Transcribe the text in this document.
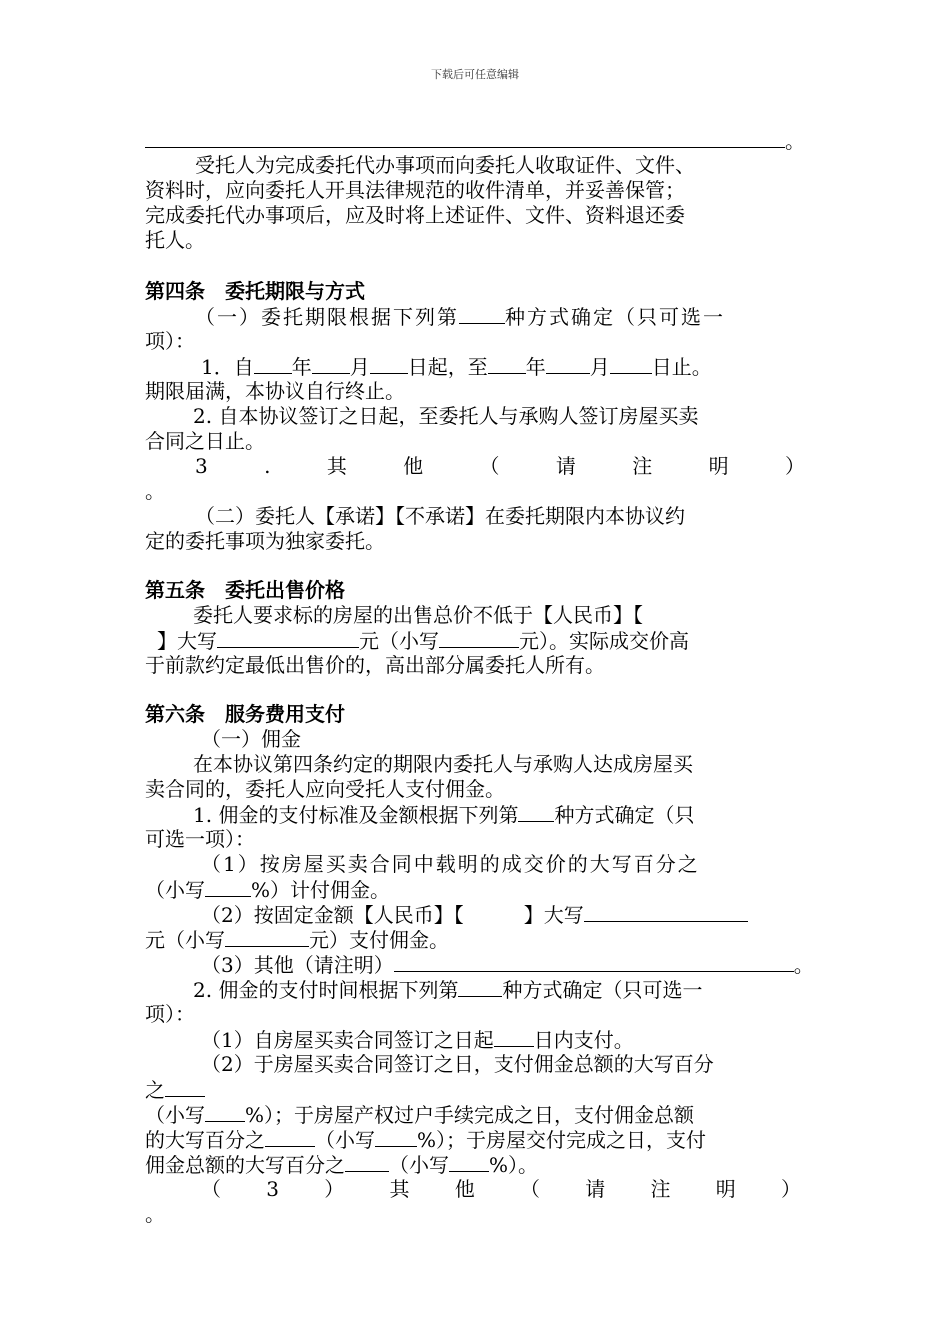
下载后可任意编辑
。
受托人为完成委托代办事项而向委托人收取证件、文件、
资料时，应向委托人开具法律规范的收件清单，并妥善保管；
完成委托代办事项后，应及时将上述证件、文件、资料退还委
托人。
第四条　委托期限与方式
（一）委托期限根据下列第 种方式确定（只可选一
项）：
1．自 年 月 日起，至 年 月 日止。
期限届满，本协议自行终止。
2. 自本协议签订之日起，至委托人与承购人签订房屋买卖
合同之日止。
3	.	其	他	（	请	注	明	）
。
（二）委托人【承诺】【不承诺】在委托期限内本协议约
定的委托事项为独家委托。
第五条　委托出售价格
委托人要求标的房屋的出售总价不低于【人民币】【
】大写	元（小写	元）。实际成交价高
于前款约定最低出售价的，高出部分属委托人所有。
第六条　服务费用支付
（一）佣金
在本协议第四条约定的期限内委托人与承购人达成房屋买
卖合同的，委托人应向受托人支付佣金。
1. 佣金的支付标准及金额根据下列第 种方式确定（只
可选一项）：
（1）按房屋买卖合同中载明的成交价的大写百分之
（小写 %）计付佣金。
（2）按固定金额【人民币】【　　　】大写
元（小写	元）支付佣金。
（3）其他（请注明）	。
2. 佣金的支付时间根据下列第 种方式确定（只可选一
项）：
（1）自房屋买卖合同签订之日起 日内支付。
（2）于房屋买卖合同签订之日，支付佣金总额的大写百分
之
（小写 %）；于房屋产权过户手续完成之日，支付佣金总额
的大写百分之	（小写 %）；于房屋交付完成之日，支付
佣金总额的大写百分之 （小写 %）。
（ 3 ） 其 他 （ 请 注 明 ）
。
